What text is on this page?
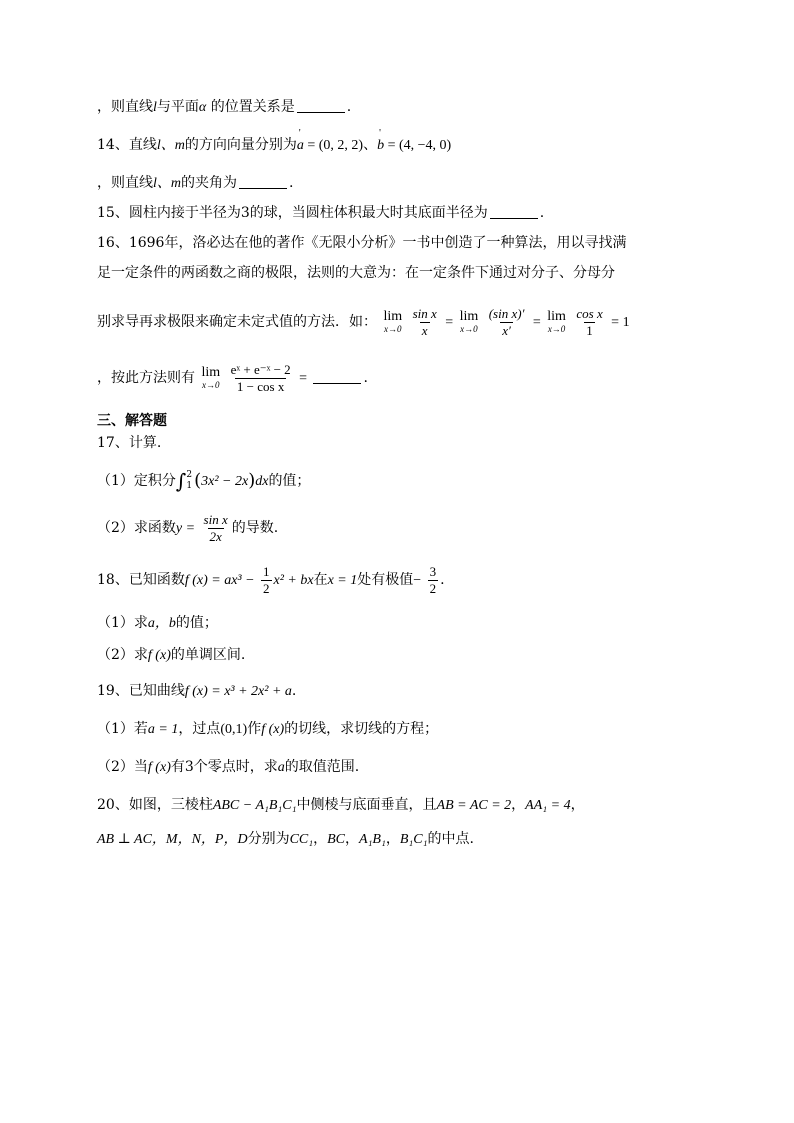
，则直线l与平面α 的位置关系是	.
14、直线l、m的方向向量分别为' a = (0, 2, 2)、' b = (4, −4, 0)
，则直线l、m的夹角为	.
15、圆柱内接于半径为3的球，当圆柱体积最大时其底面半径为	.
16、1696年，洛必达在他的著作《无限小分析》一书中创造了一种算法，用以寻找满
足一定条件的两函数之商的极限，法则的大意为：在一定条件下通过对分子、分母分
别求导再求极限来确定未定式值的方法．如： lim
x→0
$\frac{\text{sin x}}{x} = \lim$
x→0
$\frac{\text{(sin x)′}}{x'} = \lim$
x→0
$\frac{\text{cos x}}{1} = 1$
，按此方法则有 lim
x→0
$\frac{\text{eˣ + e⁻ˣ − 2}}{\text{1 − cos x}}$ =	.
三、解答题
17、计算.
（1）定积分∫ 2
1 (3x² − 2x)dx的值；
（2）求函数$y = \frac{\text{sin x}}{2x}$ 的导数.
18、已知函数f $(x) = ax^3 - \frac{1}{2} x^2$ + bx在x = 1处有极值− $\frac{3}{2}$ .
（1）求a，b的值；
（2）求f (x)的单调区间.
19、已知曲线f (x) = x³ + 2x² + a.
（1）若a = 1，过点(0,1)作f (x)的切线，求切线的方程；
（2）当f (x)有3个零点时，求a的取值范围.
20、如图，三棱柱ABC − A₁B₁C₁中侧棱与底面垂直，且AB = AC = 2，AA₁ = 4，
AB ⊥ AC，M，N，P，D分别为CC₁，BC，A₁B₁，B₁C₁的中点.
